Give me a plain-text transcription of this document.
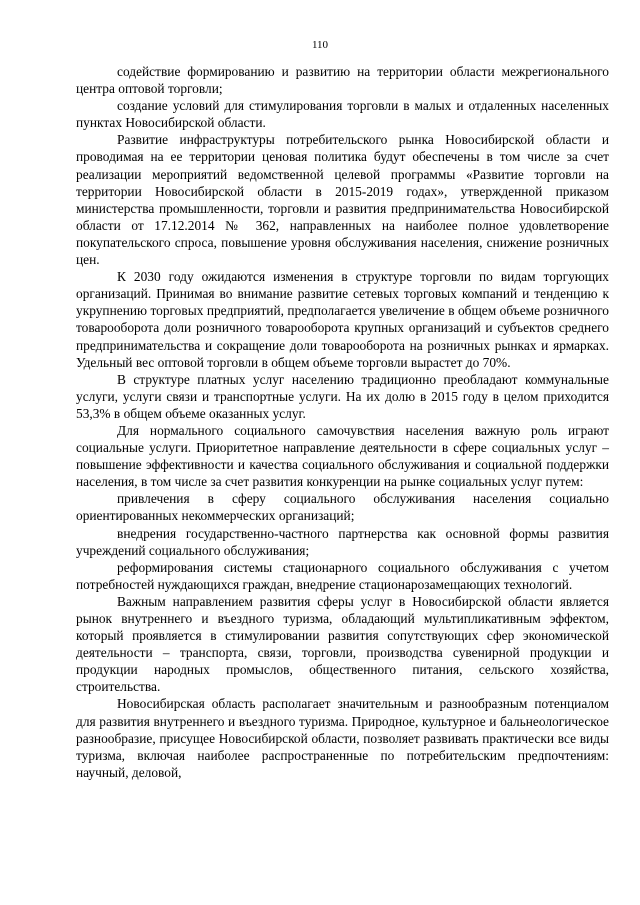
110

содействие формированию и развитию на территории области межрегионального центра оптовой торговли;

создание условий для стимулирования торговли в малых и отдаленных населенных пунктах Новосибирской области.

Развитие инфраструктуры потребительского рынка Новосибирской области и проводимая на ее территории ценовая политика будут обеспечены в том числе за счет реализации мероприятий ведомственной целевой программы «Развитие торговли на территории Новосибирской области в 2015-2019 годах», утвержденной приказом министерства промышленности, торговли и развития предпринимательства Новосибирской области от 17.12.2014 № 362, направленных на наиболее полное удовлетворение покупательского спроса, повышение уровня обслуживания населения, снижение розничных цен.

К 2030 году ожидаются изменения в структуре торговли по видам торгующих организаций. Принимая во внимание развитие сетевых торговых компаний и тенденцию к укрупнению торговых предприятий, предполагается увеличение в общем объеме розничного товарооборота доли розничного товарооборота крупных организаций и субъектов среднего предпринимательства и сокращение доли товарооборота на розничных рынках и ярмарках. Удельный вес оптовой торговли в общем объеме торговли вырастет до 70%.

В структуре платных услуг населению традиционно преобладают коммунальные услуги, услуги связи и транспортные услуги. На их долю в 2015 году в целом приходится 53,3% в общем объеме оказанных услуг.

Для нормального социального самочувствия населения важную роль играют социальные услуги. Приоритетное направление деятельности в сфере социальных услуг – повышение эффективности и качества социального обслуживания и социальной поддержки населения, в том числе за счет развития конкуренции на рынке социальных услуг путем:

привлечения в сферу социального обслуживания населения социально ориентированных некоммерческих организаций;

внедрения государственно-частного партнерства как основной формы развития учреждений социального обслуживания;

реформирования системы стационарного социального обслуживания с учетом потребностей нуждающихся граждан, внедрение стационарозамещающих технологий.

Важным направлением развития сферы услуг в Новосибирской области является рынок внутреннего и въездного туризма, обладающий мультипликативным эффектом, который проявляется в стимулировании развития сопутствующих сфер экономической деятельности – транспорта, связи, торговли, производства сувенирной продукции и продукции народных промыслов, общественного питания, сельского хозяйства, строительства.

Новосибирская область располагает значительным и разнообразным потенциалом для развития внутреннего и въездного туризма. Природное, культурное и бальнеологическое разнообразие, присущее Новосибирской области, позволяет развивать практически все виды туризма, включая наиболее распространенные по потребительским предпочтениям: научный, деловой,
